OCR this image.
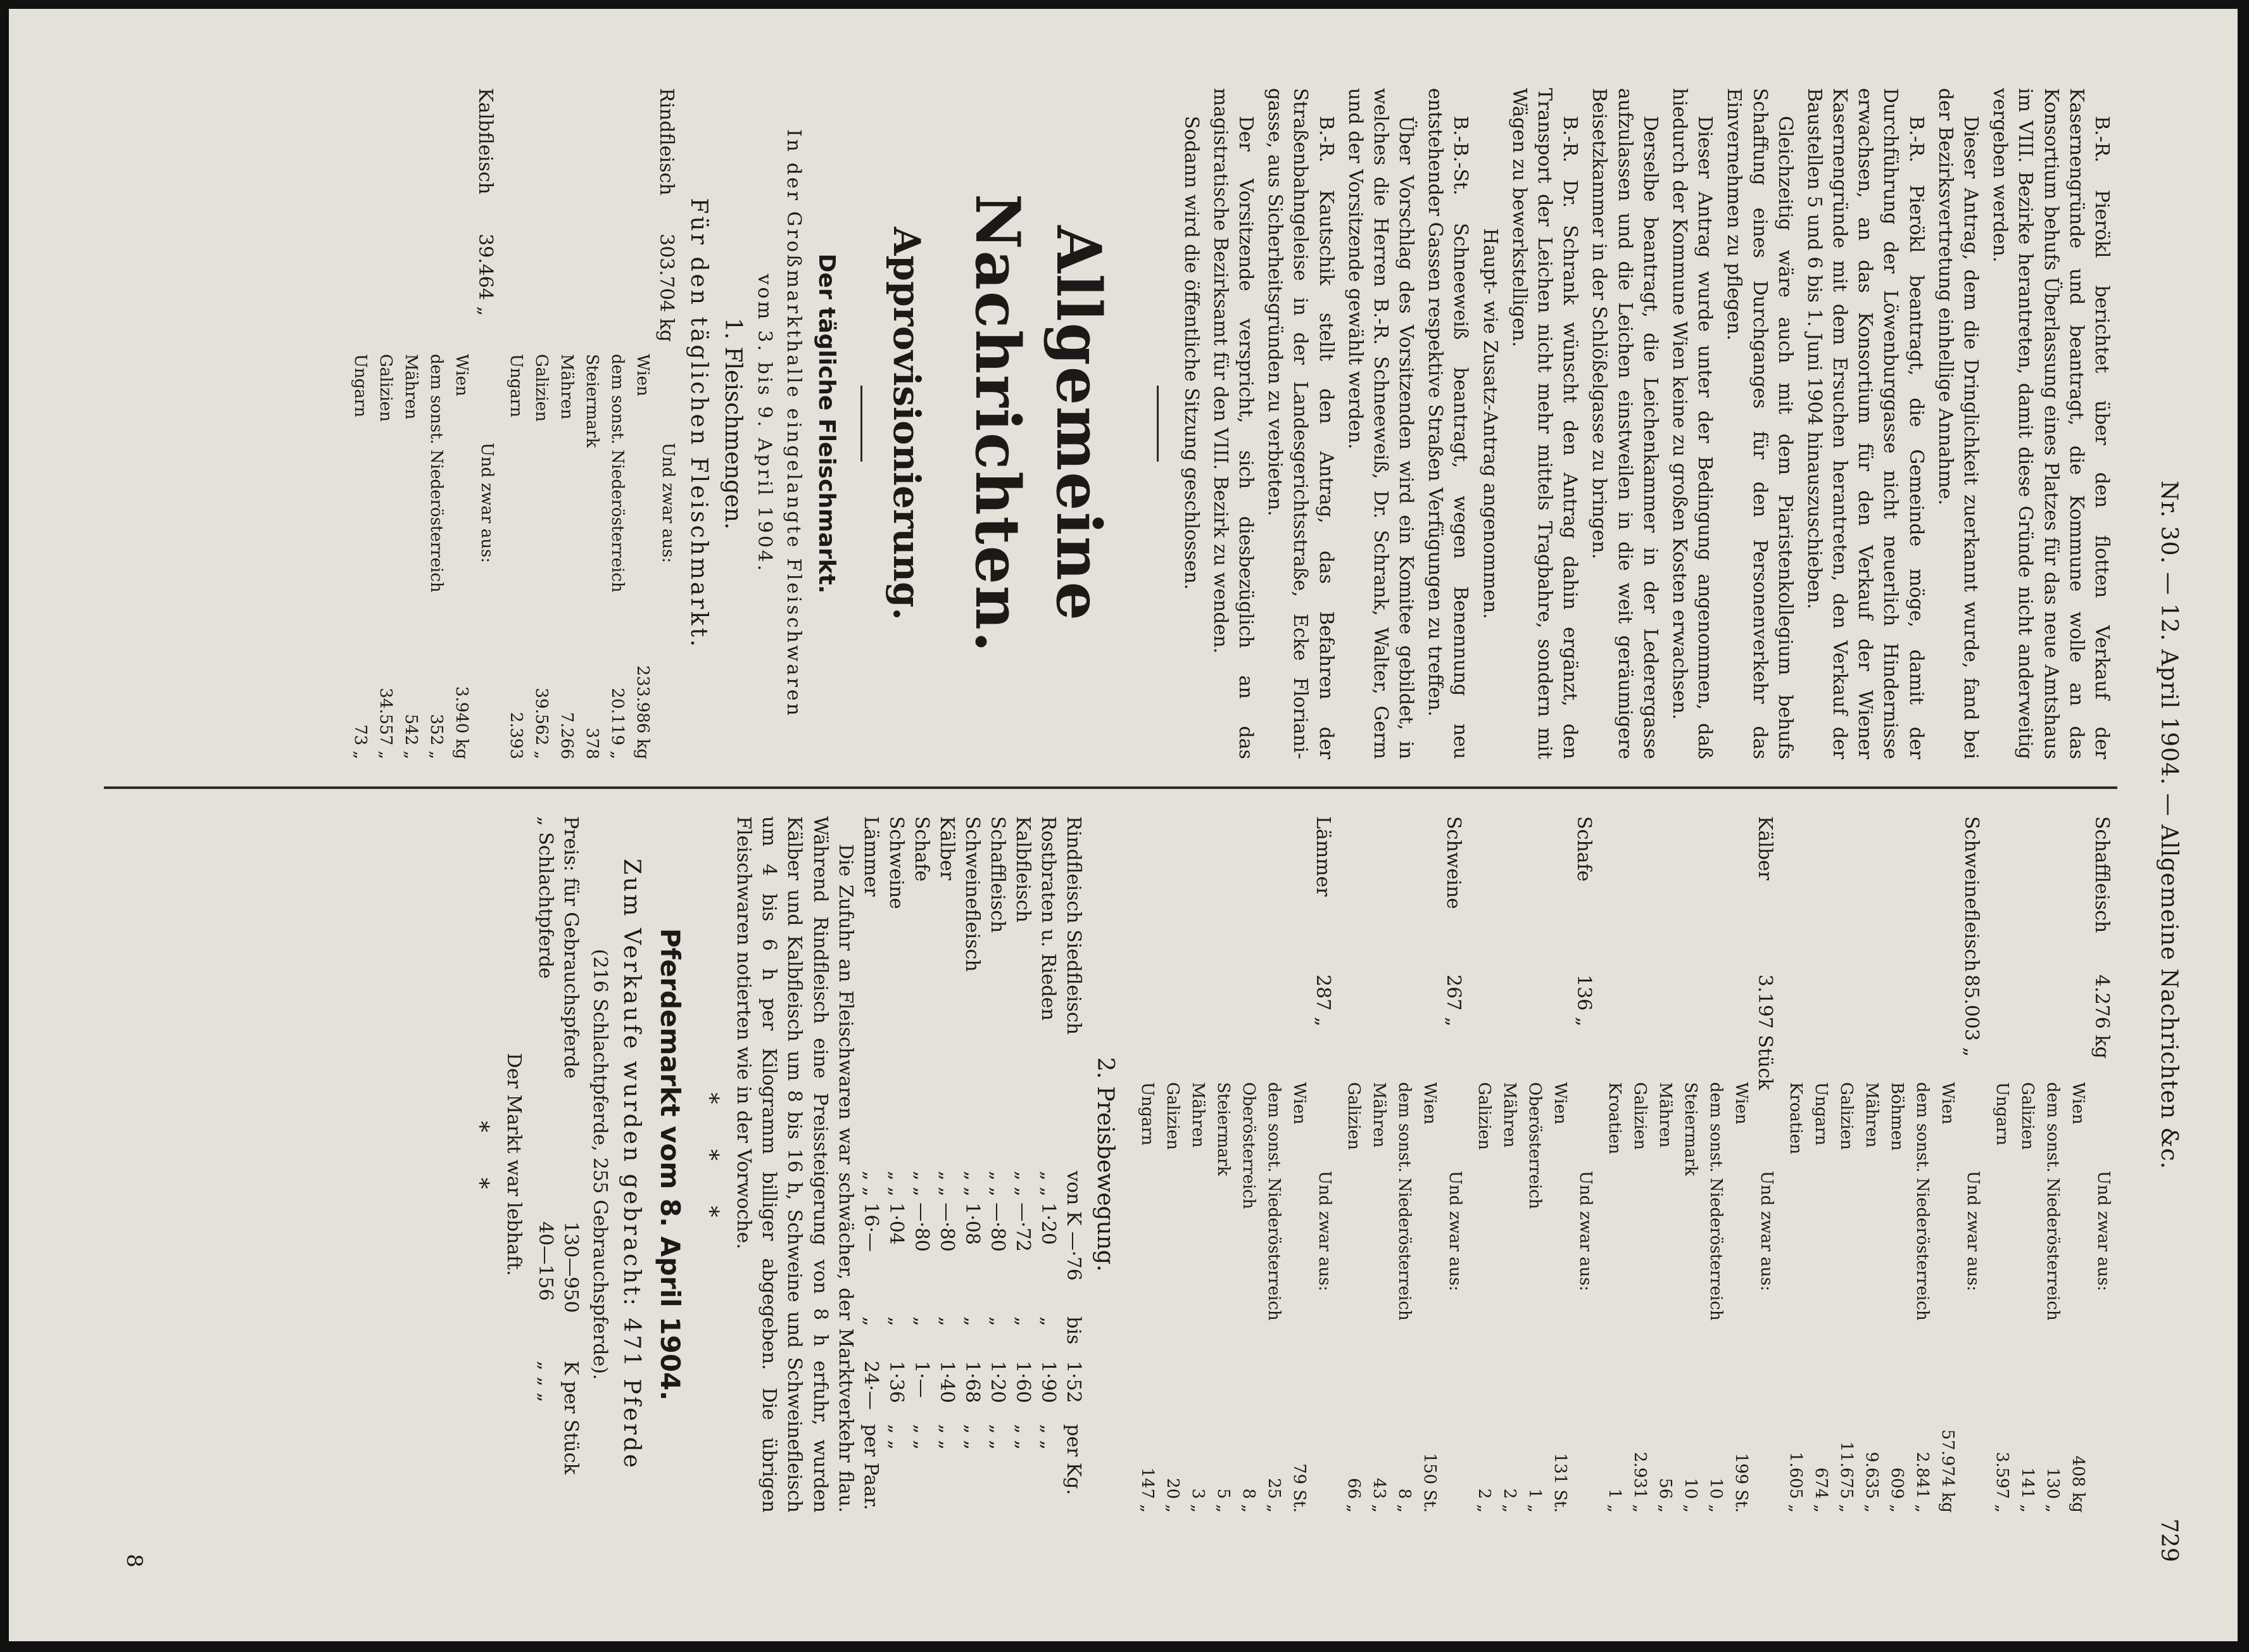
Nr. 30. — 12. April 1904. — Allgemeine Nachrichten &c.
729

B.-R. Pierökl berichtet über den flotten Verkauf der Kasernengründe und beantragt, die Kommune wolle an das Konsortium behufs Überlassung eines Platzes für das neue Amtshaus im VIII. Bezirke herantreten, damit diese Gründe nicht anderweitig vergeben werden.

Dieser Antrag, dem die Dringlichkeit zuerkannt wurde, fand bei der Bezirksvertretung einhellige Annahme.

B.-R. Pierökl beantragt, die Gemeinde möge, damit der Durchführung der Löwenburggasse nicht neuerlich Hindernisse erwachsen, an das Konsortium für den Verkauf der Wiener Kasernengründe mit dem Ersuchen herantreten, den Verkauf der Baustellen 5 und 6 bis 1. Juni 1904 hinauszuschieben.

Gleichzeitig wäre auch mit dem Piaristenkollegium behufs Schaffung eines Durchganges für den Personenverkehr das Einvernehmen zu pflegen.

Dieser Antrag wurde unter der Bedingung angenommen, daß hiedurch der Kommune Wien keine zu großen Kosten erwachsen.

Derselbe beantragt, die Leichenkammer in der Lederergasse aufzulassen und die Leichen einstweilen in die weit geräumigere Beisetzkammer in der Schlößelgasse zu bringen.

B.-R. Dr. Schrank wünscht den Antrag dahin ergänzt, den Transport der Leichen nicht mehr mittels Tragbahre, sondern mit Wägen zu bewerkstelligen.

Haupt- wie Zusatz-Antrag angenommen.

B.-B.-St. Schneeweiß beantragt, wegen Benennung neu entstehender Gassen respektive Straßen Verfügungen zu treffen.

Über Vorschlag des Vorsitzenden wird ein Komitee gebildet, in welches die Herren B.-R. Schneeweiß, Dr. Schrank, Walter, Germ und der Vorsitzende gewählt werden.

B.-R. Kautschik stellt den Antrag, das Befahren der Straßenbahngeleise in der Landesgerichtsstraße, Ecke Floriani-gasse, aus Sicherheitsgründen zu verbieten.

Der Vorsitzende verspricht, sich diesbezüglich an das magistratische Bezirksamt für den VIII. Bezirk zu wenden.

Sodann wird die öffentliche Sitzung geschlossen.

Allgemeine Nachrichten.
Approvisionierung.
Der tägliche Fleischmarkt.

In der Großmarkthalle eingelangte Fleischwaren

vom 3. bis 9. April 1904.

1. Fleischmengen.

Für den täglichen Fleischmarkt.

Rindfleisch
303.704 kg
Und zwar aus:
Wien
233.986 kg
dem sonst. Niederösterreich
20.119 „
Steiermark
378
Mähren
7.266
Galizien
39.562 „
Ungarn
2.393
Kalbfleisch
39.464 „
Und zwar aus:
Wien
3.940 kg
dem sonst. Niederösterreich
352 „
Mähren
542 „
Galizien
34.557 „
Ungarn
73 „
Schaffleisch
4.276 kg
Und zwar aus:
Wien
408 kg
dem sonst. Niederösterreich
130 „
Galizien
141 „
Ungarn
3.597 „
Schweinefleisch
85.003 „
Und zwar aus:
Wien
57.974 kg
dem sonst. Niederösterreich
2.841 „
Böhmen
609 „
Mähren
9.635 „
Galizien
11.675 „
Ungarn
674 „
Kroatien
1.605 „
Kälber
3.197 Stück
Und zwar aus:
Wien
199 St.
dem sonst. Niederösterreich
10 „
Steiermark
10 „
Mähren
56 „
Galizien
2.931 „
Kroatien
1 „
Schafe
136 „
Und zwar aus:
Wien
131 St.
Oberösterreich
1 „
Mähren
2 „
Galizien
2 „
Schweine
267 „
Und zwar aus:
Wien
150 St.
dem sonst. Niederösterreich
8 „
Mähren
43 „
Galizien
66 „
Lämmer
287 „
Und zwar aus:
Wien
79 St.
dem sonst. Niederösterreich
25 „
Oberösterreich
8 „
Steiermark
5 „
Mähren
3 „
Galizien
20 „
Ungarn
147 „

2. Preisbewegung.

Rindfleisch Siedfleisch
von K —·76
bis
1·52
per Kg.
Rostbraten u. Rieden
„ „ 1·20
„
1·90
„ „
Kalbfleisch
„ „ —·72
„
1·60
„ „
Schaffleisch
„ „ —·80
„
1·20
„ „
Schweinefleisch
„ „ 1·08
„
1·68
„ „
Kälber
„ „ —·80
„
1·40
„ „
Schafe
„ „ —·80
„
1·—
„ „
Schweine
„ „ 1·04
„
1·36
„ „
Lämmer
„ „ 16·—
„
24·—
per Paar.

Die Zufuhr an Fleischwaren war schwächer, der Marktverkehr flau. Während Rindfleisch eine Preissteigerung von 8 h erfuhr, wurden Kälber und Kalbfleisch um 8 bis 16 h, Schweine und Schweinefleisch um 4 bis 6 h per Kilogramm billiger abgegeben. Die übrigen Fleischwaren notierten wie in der Vorwoche.

* * *
Pferdemarkt vom 8. April 1904.

Zum Verkaufe wurden gebracht: 471 Pferde

(216 Schlachtpferde, 255 Gebrauchspferde).

Preis: für Gebrauchspferde
130—950
K per Stück
„ Schlachtpferde
40—156
„ „ „

Der Markt war lebhaft.

* *
8
